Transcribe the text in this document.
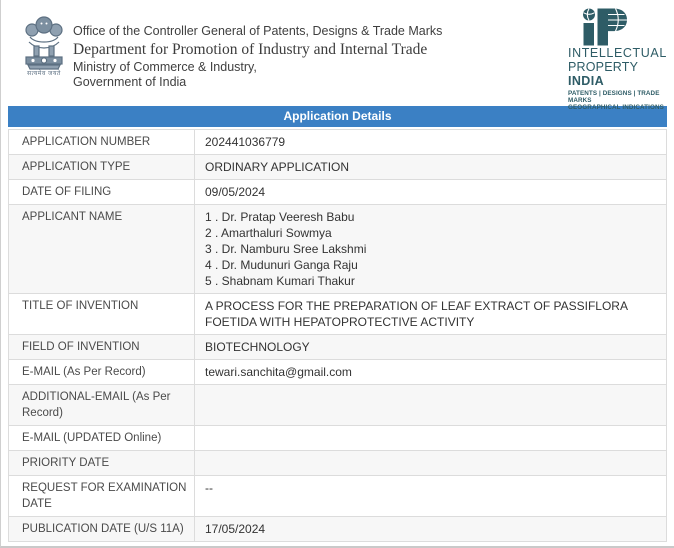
सत्यमेव जयते
Office of the Controller General of Patents, Designs & Trade Marks
Department for Promotion of Industry and Internal Trade
Ministry of Commerce & Industry,
Government of India
INTELLECTUAL
PROPERTY INDIA
PATENTS | DESIGNS | TRADE MARKS
GEOGRAPHICAL INDICATIONS
Application Details
APPLICATION NUMBER	202441036779
APPLICATION TYPE	ORDINARY APPLICATION
DATE OF FILING	09/05/2024
APPLICANT NAME	1 . Dr. Pratap Veeresh Babu
2 . Amarthaluri Sowmya
3 . Dr. Namburu Sree Lakshmi
4 . Dr. Mudunuri Ganga Raju
5 . Shabnam Kumari Thakur

TITLE OF INVENTION	A PROCESS FOR THE PREPARATION OF LEAF EXTRACT OF PASSIFLORA FOETIDA WITH HEPATOPROTECTIVE ACTIVITY
FIELD OF INVENTION	BIOTECHNOLOGY
E-MAIL (As Per Record)	tewari.sanchita@gmail.com
ADDITIONAL-EMAIL (As Per Record)	
E-MAIL (UPDATED Online)	
PRIORITY DATE	
REQUEST FOR EXAMINATION DATE	--
PUBLICATION DATE (U/S 11A)	17/05/2024
